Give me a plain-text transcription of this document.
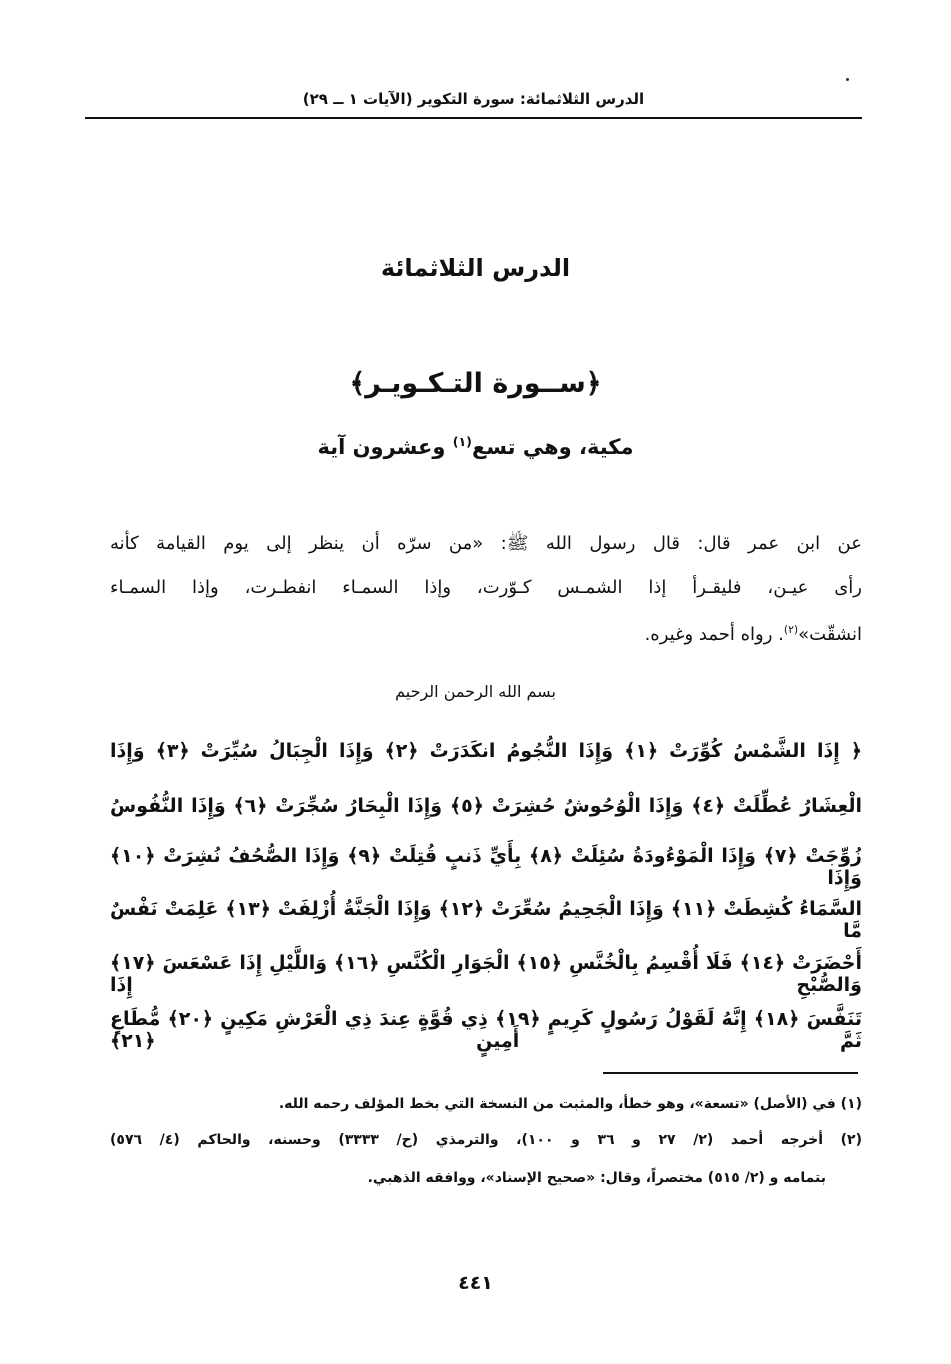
الدرس الثلاثمائة: سورة التكوير (الآيات ١ ــ ٢٩)
الدرس الثلاثمائة
﴿ســورة التـكـويـر﴾
مكية، وهي تسع$^{(١)}$ وعشرون آية
عن ابن عمر قال: قال رسول الله ﷺ: «من سرّه أن ينظر إلى يوم القيامة كأنه
رأى عيـن، فليقـرأ إذا الشمـس كـوّرت، وإذا السمـاء انفطـرت، وإذا السمـاء
انشقّت»$^{(٢)}$. رواه أحمد وغيره.
بسم الله الرحمن الرحيم
﴿ إِذَا الشَّمْسُ كُوِّرَتْ ﴿١﴾ وَإِذَا النُّجُومُ انكَدَرَتْ ﴿٢﴾ وَإِذَا الْجِبَالُ سُيِّرَتْ ﴿٣﴾ وَإِذَا
الْعِشَارُ عُطِّلَتْ ﴿٤﴾ وَإِذَا الْوُحُوشُ حُشِرَتْ ﴿٥﴾ وَإِذَا الْبِحَارُ سُجِّرَتْ ﴿٦﴾ وَإِذَا النُّفُوسُ
زُوِّجَتْ ﴿٧﴾ وَإِذَا الْمَوْءُودَةُ سُئِلَتْ ﴿٨﴾ بِأَيِّ ذَنبٍ قُتِلَتْ ﴿٩﴾ وَإِذَا الصُّحُفُ نُشِرَتْ ﴿١٠﴾ وَإِذَا
السَّمَاءُ كُشِطَتْ ﴿١١﴾ وَإِذَا الْجَحِيمُ سُعِّرَتْ ﴿١٢﴾ وَإِذَا الْجَنَّةُ أُزْلِفَتْ ﴿١٣﴾ عَلِمَتْ نَفْسٌ مَّا
أَحْضَرَتْ ﴿١٤﴾ فَلَا أُقْسِمُ بِالْخُنَّسِ ﴿١٥﴾ الْجَوَارِ الْكُنَّسِ ﴿١٦﴾ وَاللَّيْلِ إِذَا عَسْعَسَ ﴿١٧﴾ وَالصُّبْحِ إِذَا
تَنَفَّسَ ﴿١٨﴾ إِنَّهُ لَقَوْلُ رَسُولٍ كَرِيمٍ ﴿١٩﴾ ذِي قُوَّةٍ عِندَ ذِي الْعَرْشِ مَكِينٍ ﴿٢٠﴾ مُّطَاعٍ ثَمَّ أَمِينٍ ﴿٢١﴾
(١) في (الأصل) «تسعة»، وهو خطأ، والمثبت من النسخة التي بخط المؤلف رحمه الله.
(٢) أخرجه أحمد (٢/ ٢٧ و ٣٦ و ١٠٠)، والترمذي (ح/ ٣٣٣٣) وحسنه، والحاكم (٤/ ٥٧٦)
بتمامه و (٢/ ٥١٥) مختصراً، وقال: «صحيح الإسناد»، ووافقه الذهبي.
٤٤١
